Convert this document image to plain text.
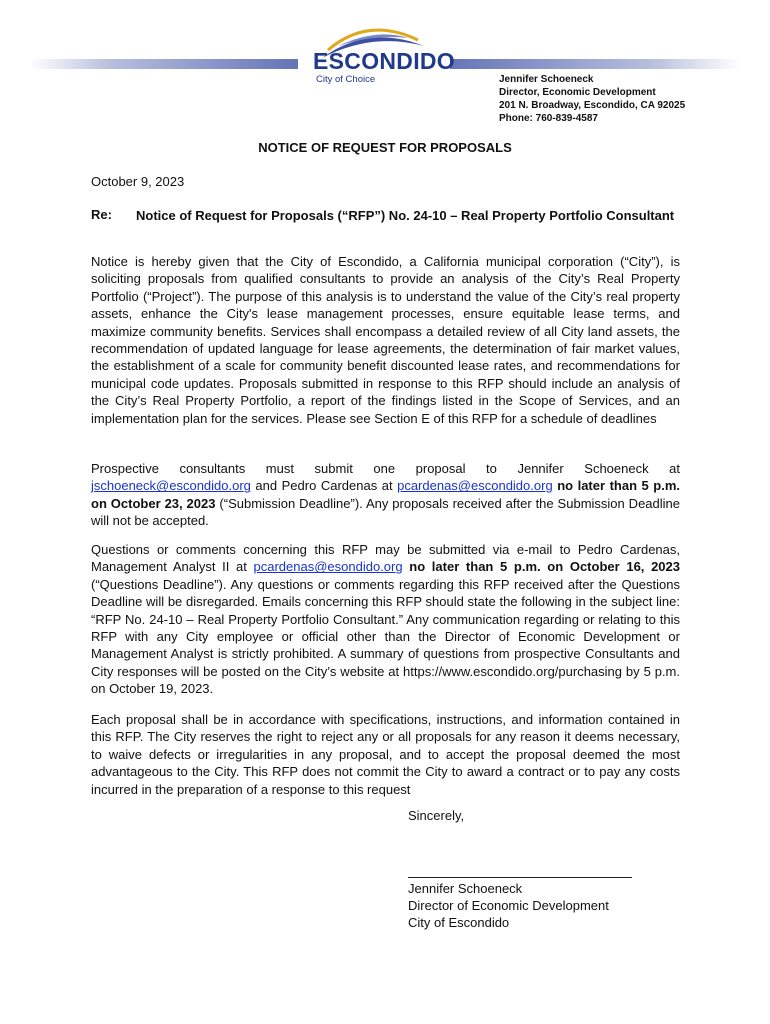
ESCONDIDO
City of Choice	Jennifer Schoeneck
Director, Economic Development
201 N. Broadway, Escondido, CA 92025
Phone: 760-839-4587
NOTICE OF REQUEST FOR PROPOSALS
October 9, 2023
Re: Notice of Request for Proposals (“RFP”) No. 24-10 – Real Property Portfolio Consultant

Notice is hereby given that the City of Escondido, a California municipal corporation (“City”), is soliciting proposals from qualified consultants to provide an analysis of the City’s Real Property Portfolio (“Project”). The purpose of this analysis is to understand the value of the City’s real property assets, enhance the City's lease management processes, ensure equitable lease terms, and maximize community benefits. Services shall encompass a detailed review of all City land assets, the recommendation of updated language for lease agreements, the determination of fair market values, the establishment of a scale for community benefit discounted lease rates, and recommendations for municipal code updates. Proposals submitted in response to this RFP should include an analysis of the City’s Real Property Portfolio, a report of the findings listed in the Scope of Services, and an implementation plan for the services. Please see Section E of this RFP for a schedule of deadlines

Prospective consultants must submit one proposal to Jennifer Schoeneck at jschoeneck@escondido.org and Pedro Cardenas at pcardenas@escondido.org no later than 5 p.m. on October 23, 2023 (“Submission Deadline”). Any proposals received after the Submission Deadline will not be accepted.

Questions or comments concerning this RFP may be submitted via e-mail to Pedro Cardenas, Management Analyst II at pcardenas@esondido.org no later than 5 p.m. on October 16, 2023 (“Questions Deadline”). Any questions or comments regarding this RFP received after the Questions Deadline will be disregarded. Emails concerning this RFP should state the following in the subject line: “RFP No. 24-10 – Real Property Portfolio Consultant.” Any communication regarding or relating to this RFP with any City employee or official other than the Director of Economic Development or Management Analyst is strictly prohibited. A summary of questions from prospective Consultants and City responses will be posted on the City’s website at https://www.escondido.org/purchasing by 5 p.m. on October 19, 2023.

Each proposal shall be in accordance with specifications, instructions, and information contained in this RFP. The City reserves the right to reject any or all proposals for any reason it deems necessary, to waive defects or irregularities in any proposal, and to accept the proposal deemed the most advantageous to the City. This RFP does not commit the City to award a contract or to pay any costs incurred in the preparation of a response to this request

Sincerely,
Jennifer Schoeneck
Director of Economic Development
City of Escondido
